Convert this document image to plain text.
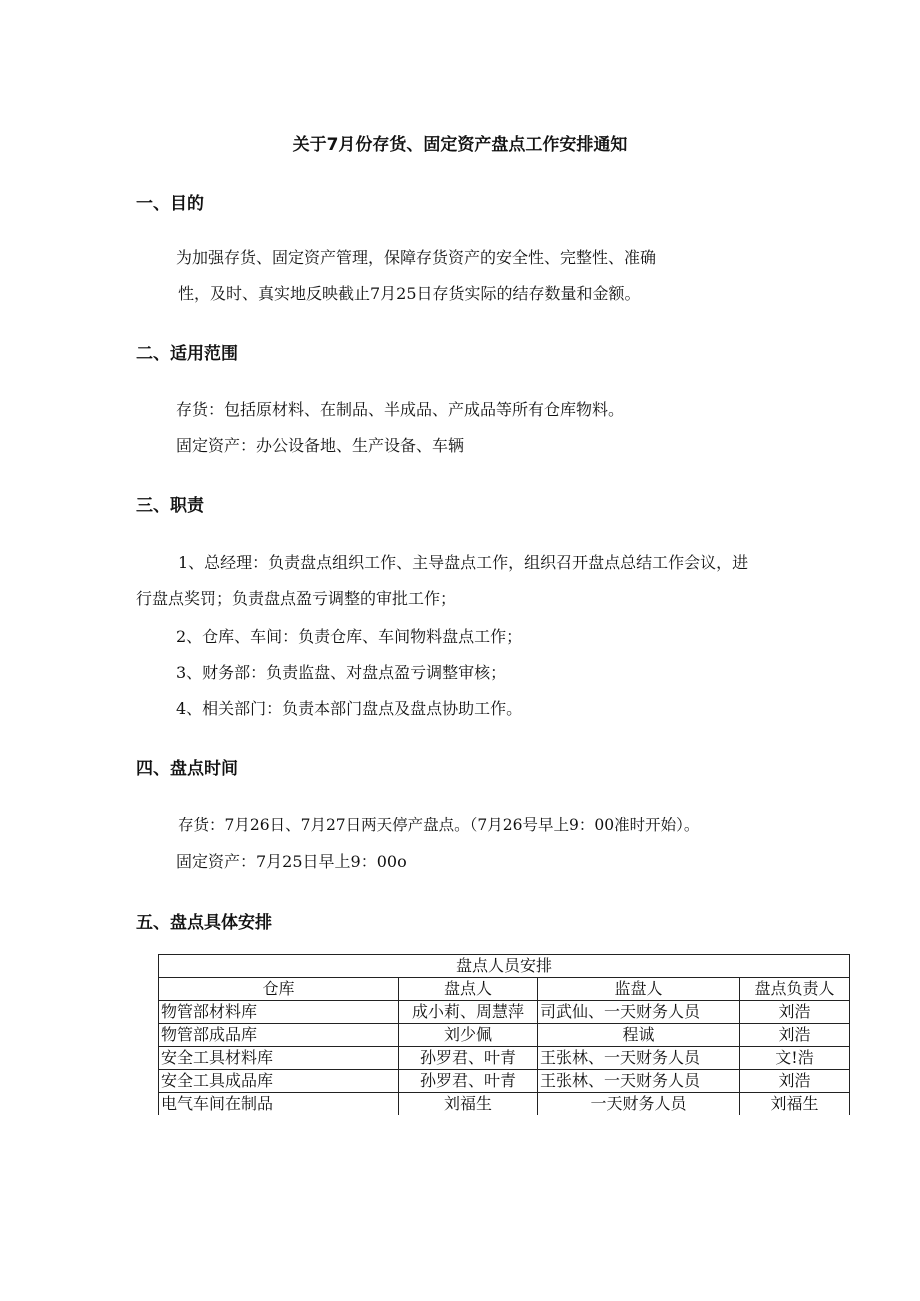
关于7月份存货、固定资产盘点工作安排通知
一、目的
为加强存货、固定资产管理，保障存货资产的安全性、完整性、准确
性，及时、真实地反映截止7月25日存货实际的结存数量和金额。
二、适用范围
存货：包括原材料、在制品、半成品、产成品等所有仓库物料。
固定资产：办公设备地、生产设备、车辆
三、职责
1、总经理：负责盘点组织工作、主导盘点工作，组织召开盘点总结工作会议，进
行盘点奖罚；负责盘点盈亏调整的审批工作；
2、仓库、车间：负责仓库、车间物料盘点工作；
3、财务部：负责监盘、对盘点盈亏调整审核；
4、相关部门：负责本部门盘点及盘点协助工作。
四、盘点时间
存货：7月26日、7月27日两天停产盘点。（7月26号早上9：00准时开始）。
固定资产：7月25日早上9：00o
五、盘点具体安排
盘点人员安排			
仓库	盘点人	监盘人	盘点负责人
物管部材料库	成小莉、周慧萍	司武仙、一天财务人员	刘浩
物管部成品库	刘少佩	程诚	刘浩
安全工具材料库	孙罗君、叶青	王张林、一天财务人员	文!浩
安全工具成品库	孙罗君、叶青	王张林、一天财务人员	刘浩
电气车间在制品	刘福生	一天财务人员	刘福生
